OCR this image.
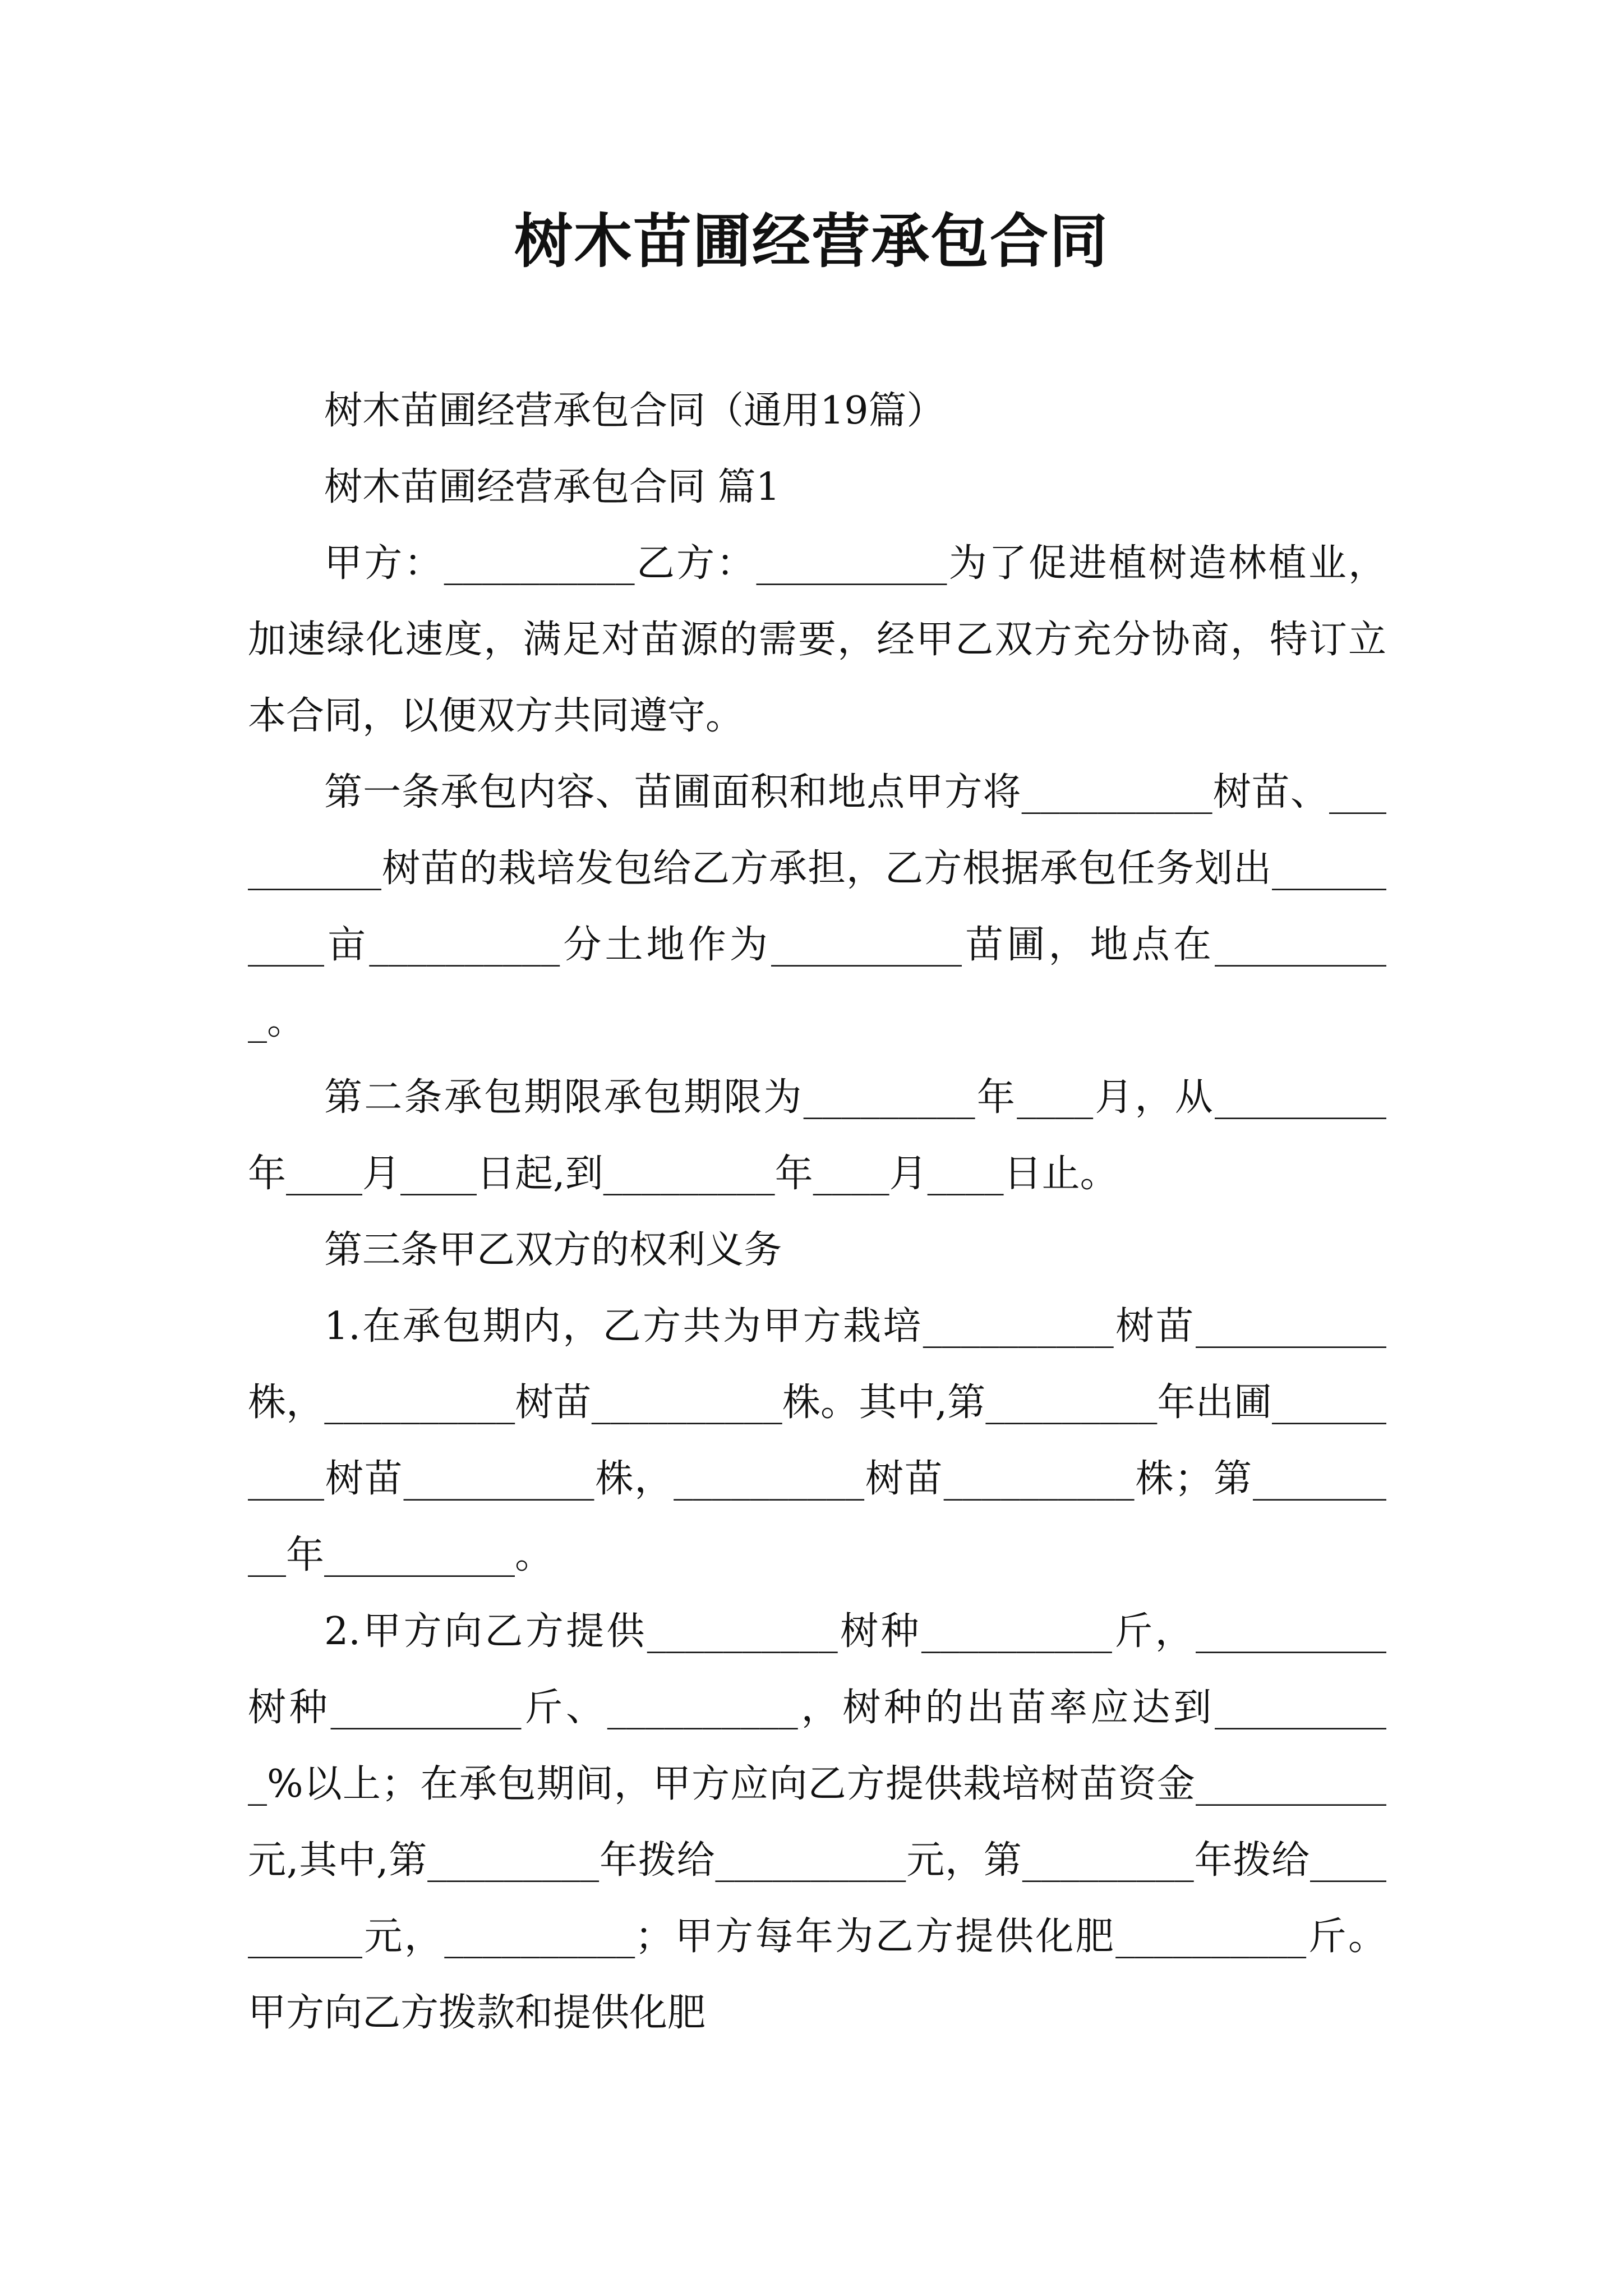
树木苗圃经营承包合同

树木苗圃经营承包合同（通用19篇）

树木苗圃经营承包合同 篇1

甲方：__________乙方：__________为了促进植树造林植业，加速绿化速度，满足对苗源的需要，经甲乙双方充分协商，特订立本合同，以便双方共同遵守。

第一条承包内容、苗圃面积和地点甲方将__________树苗、__________树苗的栽培发包给乙方承担，乙方根据承包任务划出__________亩__________分土地作为__________苗圃，地点在__________。

第二条承包期限承包期限为_________年____月，从_________年____月____日起,到_________年____月____日止。

第三条甲乙双方的权利义务

1.在承包期内，乙方共为甲方栽培__________树苗__________株，__________树苗__________株。其中,第_________年出圃__________树苗__________株，__________树苗__________株；第_________年__________。

2.甲方向乙方提供__________树种__________斤，__________树种__________斤、__________，树种的出苗率应达到__________%以上；在承包期间，甲方应向乙方提供栽培树苗资金__________元,其中,第_________年拨给__________元，第_________年拨给__________元，__________；甲方每年为乙方提供化肥__________斤。甲方向乙方拨款和提供化肥
